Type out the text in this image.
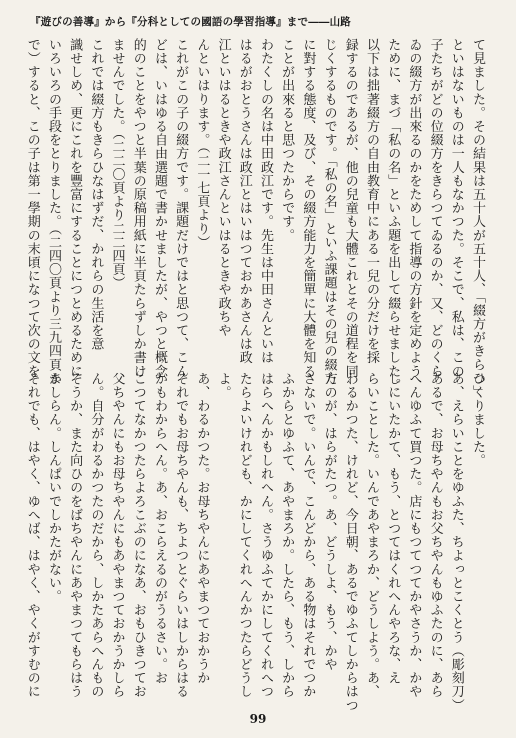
『遊びの善導』から『分科としての國語の學習指導』まで――山路
て見ました。その結果は五十人が五十人、「綴方がきらひ」
といはないものは一人もなかつた。そこで、私は、この
子たちがどの位綴方をきらつてゐるのか、又、どのくら
ゐの綴方が出來るのかをためして指導の方針を定めよう
ために、まづ「私の名」といふ題を出して綴らせました。
以下は拙著綴方の自由教育中にある一兒の分だけを採
録するのであるが、他の兒童も大體これとその道程を同
じくするものです。「私の名」といふ課題はその兒の綴方
に對する態度、及び、その綴方能力を簡單に大體を知る
ことが出來ると思つたからです。
わたくしの名は中田政江です。先生は中田さんといは
はるがおとうさんは政江とはいはつておかあさんは政
江といはるときや政江さんといはるときや政ちや
んといはります。（二一七頁より）
これがこの子の綴方です。課題だけではと思つて、こん
どは、いはゆる自由選題で書かせましたが、やつと概念
的のことをやつと半葉の原稿用紙に半頁たらずしか書け
ませんでした。（二二〇頁より二二四頁）
これでは綴方もきらひなはずだ、かれらの生活を意
識せしめ、更にこれを豐富にすることにつとめるために
いろいろの手段をとりました。（二四〇頁より三九四頁ま
で）すると、この子は第一學期の末頃になつて次の文を
つくりました。
あ、えらいことをゆふた、ちよっとこくとう（彫刻刀）
あるで、お母ちやんもお父ちやんもゆふたのに、あら
へんゆふて買つた。店にもつてつてかやさうか、かや
しにいたかて、もう、とつてはくれへんやろな、え
らいことした。いんであやまろか、どうしよう。あ、
わるかつた、けれど、今日朝、あるでゆふてしからはつ
たのが、はらがたつ。あ、どうしよ、もう、かや
さないで。いんで、こんどから、ある物はそれでつか
ふからとゆふて、あやまろか。したら、もう、しから
はらへんかもしれへん。さうゆふてかにしてくれへつ
たらよいけれども、かにしてくれへんかつたらどうし
よ。
あ、わるかつた。お母ちやんにあやまつておかうか
それでもお母ちやんも、ちよつとぐらいはしからはる
かもわからへん。あ、おこらえるのがうるさい。お
こつてなかつたらよろこぶのになあ、おもひきつてお
父ちやんにもお母ちやんにもあやまつておかうかしら
ん。自分がわるかつたのだから、しかたあらへんもの
そうか、また向ひのをばちやんにあやまつてもらはう
かしらん。しんぱいでしかたがない。
それでも、はやく、ゆへば、はやく、やくがすむのに
99
